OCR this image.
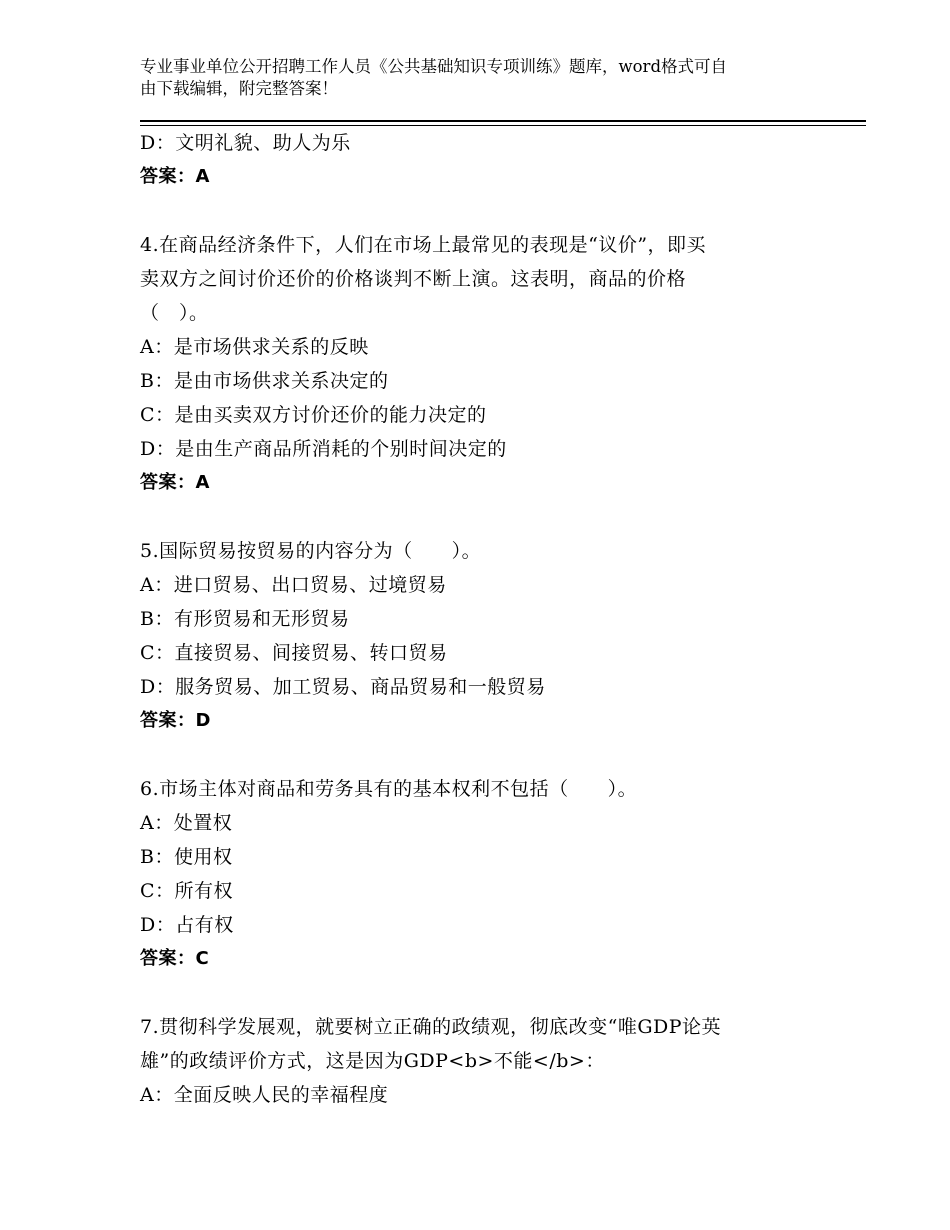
专业事业单位公开招聘工作人员《公共基础知识专项训练》题库，word格式可自
由下载编辑，附完整答案！
D：文明礼貌、助人为乐
答案：A
4.在商品经济条件下，人们在市场上最常见的表现是“议价”，即买
卖双方之间讨价还价的价格谈判不断上演。这表明，商品的价格
（　）。
A：是市场供求关系的反映
B：是由市场供求关系决定的
C：是由买卖双方讨价还价的能力决定的
D：是由生产商品所消耗的个别时间决定的
答案：A
5.国际贸易按贸易的内容分为（　　）。
A：进口贸易、出口贸易、过境贸易
B：有形贸易和无形贸易
C：直接贸易、间接贸易、转口贸易
D：服务贸易、加工贸易、商品贸易和一般贸易
答案：D
6.市场主体对商品和劳务具有的基本权利不包括（　　）。
A：处置权
B：使用权
C：所有权
D：占有权
答案：C
7.贯彻科学发展观，就要树立正确的政绩观，彻底改变“唯GDP论英
雄”的政绩评价方式，这是因为GDP<b>不能</b>：
A：全面反映人民的幸福程度
